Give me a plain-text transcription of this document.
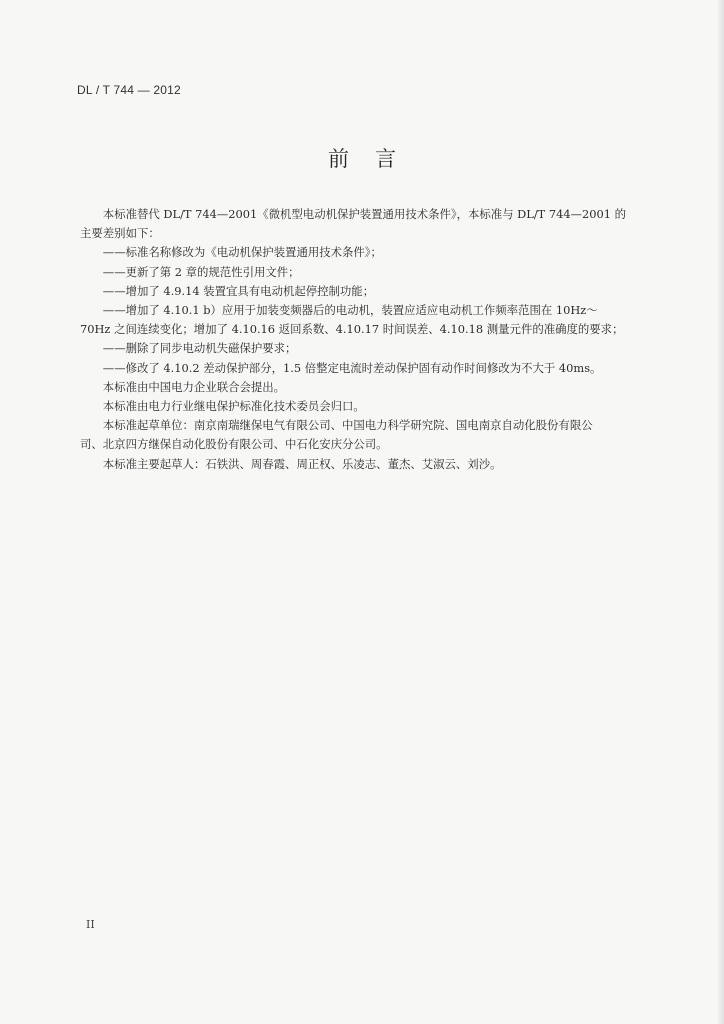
DL / T 744 — 2012
前言

本标准替代 DL/T 744—2001《微机型电动机保护装置通用技术条件》，本标准与 DL/T 744—2001 的

主要差别如下：

——标准名称修改为《电动机保护装置通用技术条件》；

——更新了第 2 章的规范性引用文件；

——增加了 4.9.14 装置宜具有电动机起停控制功能；

——增加了 4.10.1 b）应用于加装变频器后的电动机，装置应适应电动机工作频率范围在 10Hz～

70Hz 之间连续变化；增加了 4.10.16 返回系数、4.10.17 时间误差、4.10.18 测量元件的准确度的要求；

——删除了同步电动机失磁保护要求；

——修改了 4.10.2 差动保护部分，1.5 倍整定电流时差动保护固有动作时间修改为不大于 40ms。

本标准由中国电力企业联合会提出。

本标准由电力行业继电保护标准化技术委员会归口。

本标准起草单位：南京南瑞继保电气有限公司、中国电力科学研究院、国电南京自动化股份有限公

司、北京四方继保自动化股份有限公司、中石化安庆分公司。

本标准主要起草人：石铁洪、周春霞、周正权、乐凌志、董杰、艾淑云、刘沙。

II
